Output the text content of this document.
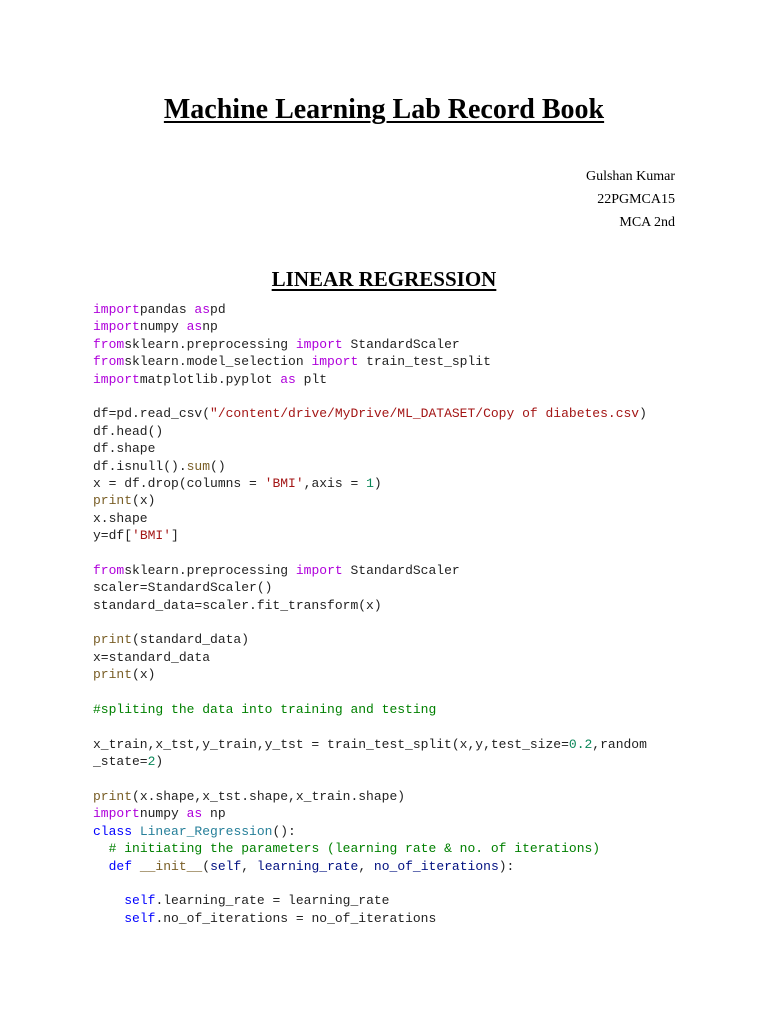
Machine Learning Lab Record Book
Gulshan Kumar
22PGMCA15
MCA 2nd
LINEAR REGRESSION
importpandas aspd
importnumpy asnp
fromsklearn.preprocessing import StandardScaler
fromsklearn.model_selection import train_test_split
importmatplotlib.pyplot as plt

df=pd.read_csv("/content/drive/MyDrive/ML_DATASET/Copy of diabetes.csv)
df.head()
df.shape
df.isnull().sum()
x = df.drop(columns = 'BMI',axis = 1)
print(x)
x.shape
y=df['BMI']

fromsklearn.preprocessing import StandardScaler
scaler=StandardScaler()
standard_data=scaler.fit_transform(x)

print(standard_data)
x=standard_data
print(x)

#spliting the data into training and testing

x_train,x_tst,y_train,y_tst = train_test_split(x,y,test_size=0.2,random
_state=2)

print(x.shape,x_tst.shape,x_train.shape)
importnumpy as np
class Linear_Regression():
# initiating the parameters (learning rate & no. of iterations)
def __init__(self, learning_rate, no_of_iterations):

self.learning_rate = learning_rate
self.no_of_iterations = no_of_iterations
